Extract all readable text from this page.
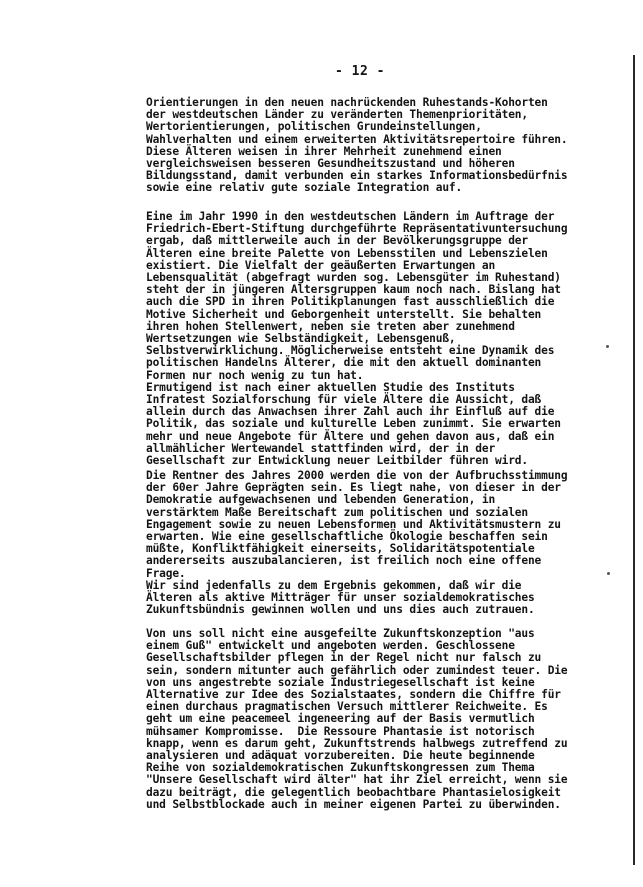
- 12 -
Orientierungen in den neuen nachrückenden Ruhestands-Kohorten
der westdeutschen Länder zu veränderten Themenprioritäten,
Wertorientierungen, politischen Grundeinstellungen,
Wahlverhalten und einem erweiterten Aktivitätsrepertoire führen.
Diese Älteren weisen in ihrer Mehrheit zunehmend einen
vergleichsweisen besseren Gesundheitszustand und höheren
Bildungsstand, damit verbunden ein starkes Informationsbedürfnis
sowie eine relativ gute soziale Integration auf.
Eine im Jahr 1990 in den westdeutschen Ländern im Auftrage der
Friedrich-Ebert-Stiftung durchgeführte Repräsentativuntersuchung
ergab, daß mittlerweile auch in der Bevölkerungsgruppe der
Älteren eine breite Palette von Lebensstilen und Lebenszielen
existiert. Die Vielfalt der geäußerten Erwartungen an
Lebensqualität (abgefragt wurden sog. Lebensgüter im Ruhestand)
steht der in jüngeren Altersgruppen kaum noch nach. Bislang hat
auch die SPD in ihren Politikplanungen fast ausschließlich die
Motive Sicherheit und Geborgenheit unterstellt. Sie behalten
ihren hohen Stellenwert, neben sie treten aber zunehmend
Wertsetzungen wie Selbständigkeit, Lebensgenuß,
Selbstverwirklichung. Möglicherweise entsteht eine Dynamik des
politischen Handelns Älterer, die mit den aktuell dominanten
Formen nur noch wenig zu tun hat.
Ermutigend ist nach einer aktuellen Studie des Instituts
Infratest Sozialforschung für viele Ältere die Aussicht, daß
allein durch das Anwachsen ihrer Zahl auch ihr Einfluß auf die
Politik, das soziale und kulturelle Leben zunimmt. Sie erwarten
mehr und neue Angebote für Ältere und gehen davon aus, daß ein
allmählicher Wertewandel stattfinden wird, der in der
Gesellschaft zur Entwicklung neuer Leitbilder führen wird.
Die Rentner des Jahres 2000 werden die von der Aufbruchsstimmung
der 60er Jahre Geprägten sein. Es liegt nahe, von dieser in der
Demokratie aufgewachsenen und lebenden Generation, in
verstärktem Maße Bereitschaft zum politischen und sozialen
Engagement sowie zu neuen Lebensformen und Aktivitätsmustern zu
erwarten. Wie eine gesellschaftliche Ökologie beschaffen sein
müßte, Konfliktfähigkeit einerseits, Solidaritätspotentiale
andererseits auszubalancieren, ist freilich noch eine offene
Frage.
Wir sind jedenfalls zu dem Ergebnis gekommen, daß wir die
Älteren als aktive Mitträger für unser sozialdemokratisches
Zukunftsbündnis gewinnen wollen und uns dies auch zutrauen.
Von uns soll nicht eine ausgefeilte Zukunftskonzeption "aus
einem Guß" entwickelt und angeboten werden. Geschlossene
Gesellschaftsbilder pflegen in der Regel nicht nur falsch zu
sein, sondern mitunter auch gefährlich oder zumindest teuer. Die
von uns angestrebte soziale Industriegesellschaft ist keine
Alternative zur Idee des Sozialstaates, sondern die Chiffre für
einen durchaus pragmatischen Versuch mittlerer Reichweite. Es
geht um eine peacemeel ingeneering auf der Basis vermutlich
mühsamer Kompromisse.  Die Ressoure Phantasie ist notorisch
knapp, wenn es darum geht, Zukunftstrends halbwegs zutreffend zu
analysieren und adäquat vorzubereiten. Die heute beginnende
Reihe von sozialdemokratischen Zukunftskongressen zum Thema
"Unsere Gesellschaft wird älter" hat ihr Ziel erreicht, wenn sie
dazu beiträgt, die gelegentlich beobachtbare Phantasielosigkeit
und Selbstblockade auch in meiner eigenen Partei zu überwinden.
